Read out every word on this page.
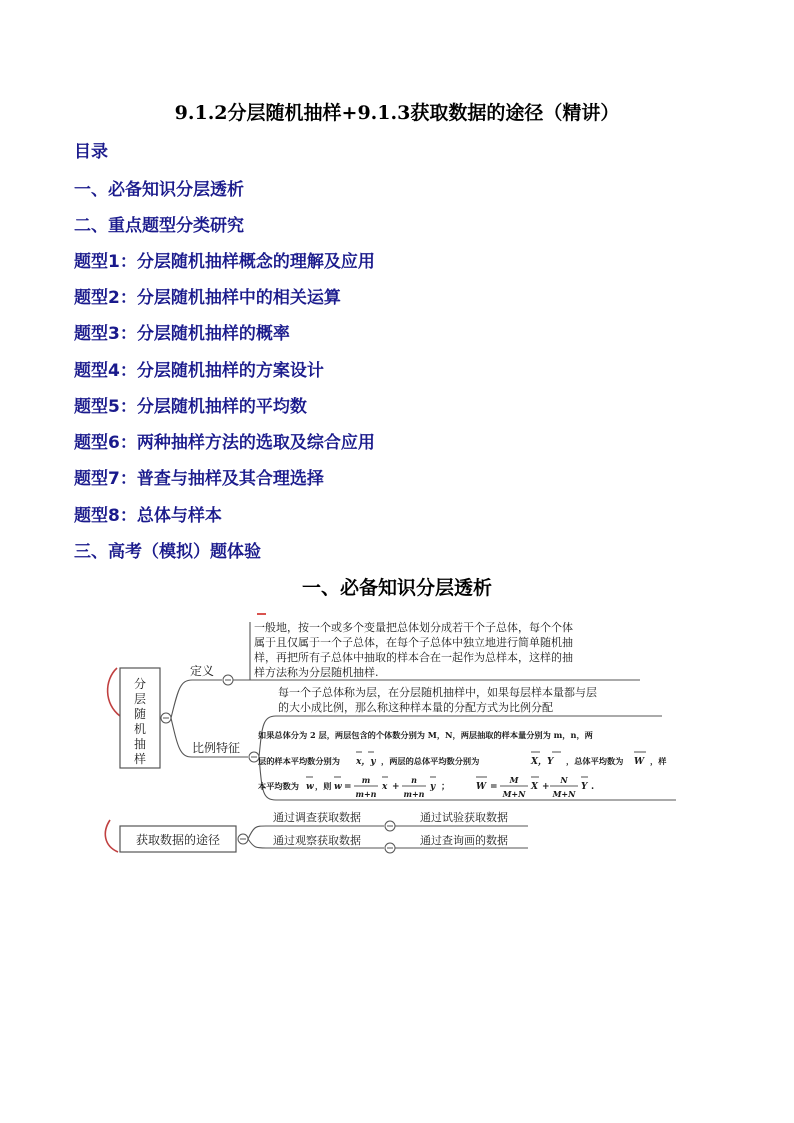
9.1.2分层随机抽样+9.1.3获取数据的途径（精讲）
目录
一、必备知识分层透析
二、重点题型分类研究
题型1：分层随机抽样概念的理解及应用
题型2：分层随机抽样中的相关运算
题型3：分层随机抽样的概率
题型4：分层随机抽样的方案设计
题型5：分层随机抽样的平均数
题型6：两种抽样方法的选取及综合应用
题型7：普查与抽样及其合理选择
题型8：总体与样本
三、高考（模拟）题体验
一、必备知识分层透析
分
层
随
机
抽
样
定义
比例特征
一般地，按一个或多个变量把总体划分成若干个子总体，每个个体
属于且仅属于一个子总体，在每个子总体中独立地进行简单随机抽
样，再把所有子总体中抽取的样本合在一起作为总样本，这样的抽
样方法称为分层随机抽样.
每一个子总体称为层，在分层随机抽样中，如果每层样本量都与层
的大小成比例，那么称这种样本量的分配方式为比例分配
如果总体分为 2 层，两层包含的个体数分别为 M，N，两层抽取的样本量分别为 m，n，两
层的样本平均数分别为 x，y ，两层的总体平均数分别为	X，Y ，总体平均数为 W ，样
本平均数为 w ，则 w =
m
m+n
x +
n
m+n
y ；	W =
M
M+N
X +
N
M+N
Y .
获取数据的途径
通过调查获取数据
通过观察获取数据
通过试验获取数据
通过查询画的数据
